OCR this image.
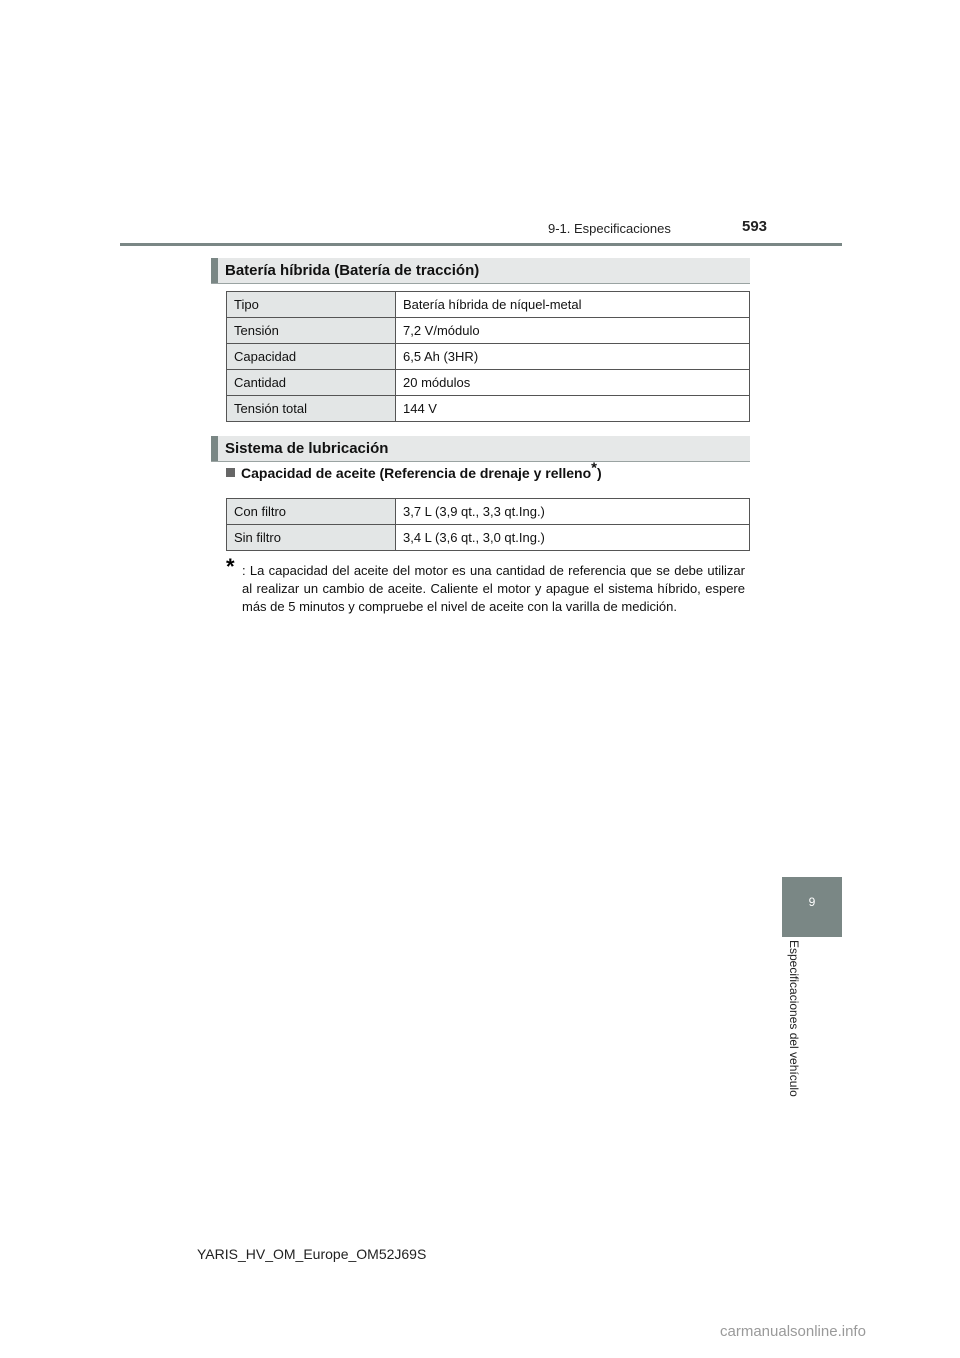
9-1. Especificaciones	593
Batería híbrida (Batería de tracción)
Tipo	Batería híbrida de níquel-metal
Tensión	7,2 V/módulo
Capacidad	6,5 Ah (3HR)
Cantidad	20 módulos
Tensión total	144 V
Sistema de lubricación
Capacidad de aceite (Referencia de drenaje y relleno*)
Con filtro	3,7 L (3,9 qt., 3,3 qt.Ing.)
Sin filtro	3,4 L (3,6 qt., 3,0 qt.Ing.)
* : La capacidad del aceite del motor es una cantidad de referencia que se debe utilizar al realizar un cambio de aceite. Caliente el motor y apague el sistema híbrido, espere más de 5 minutos y compruebe el nivel de aceite con la varilla de medición.
9
Especificaciones del vehículo
YARIS_HV_OM_Europe_OM52J69S
carmanualsonline.info
